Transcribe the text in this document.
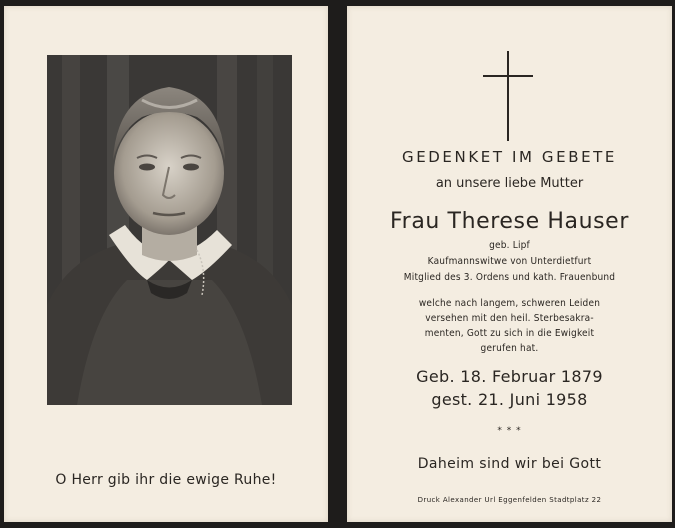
O Herr gib ihr die ewige Ruhe!
GEDENKET IM GEBETE
an unsere liebe Mutter
Frau Therese Hauser
geb. Lipf
Kaufmannswitwe von Unterdietfurt
Mitglied des 3. Ordens und kath. Frauenbund
welche nach langem, schweren Leiden
versehen mit den heil. Sterbesakra-
menten, Gott zu sich in die Ewigkeit
gerufen hat.
Geb. 18. Februar 1879
gest. 21. Juni 1958
* * *
Daheim sind wir bei Gott
Druck Alexander Url Eggenfelden Stadtplatz 22
